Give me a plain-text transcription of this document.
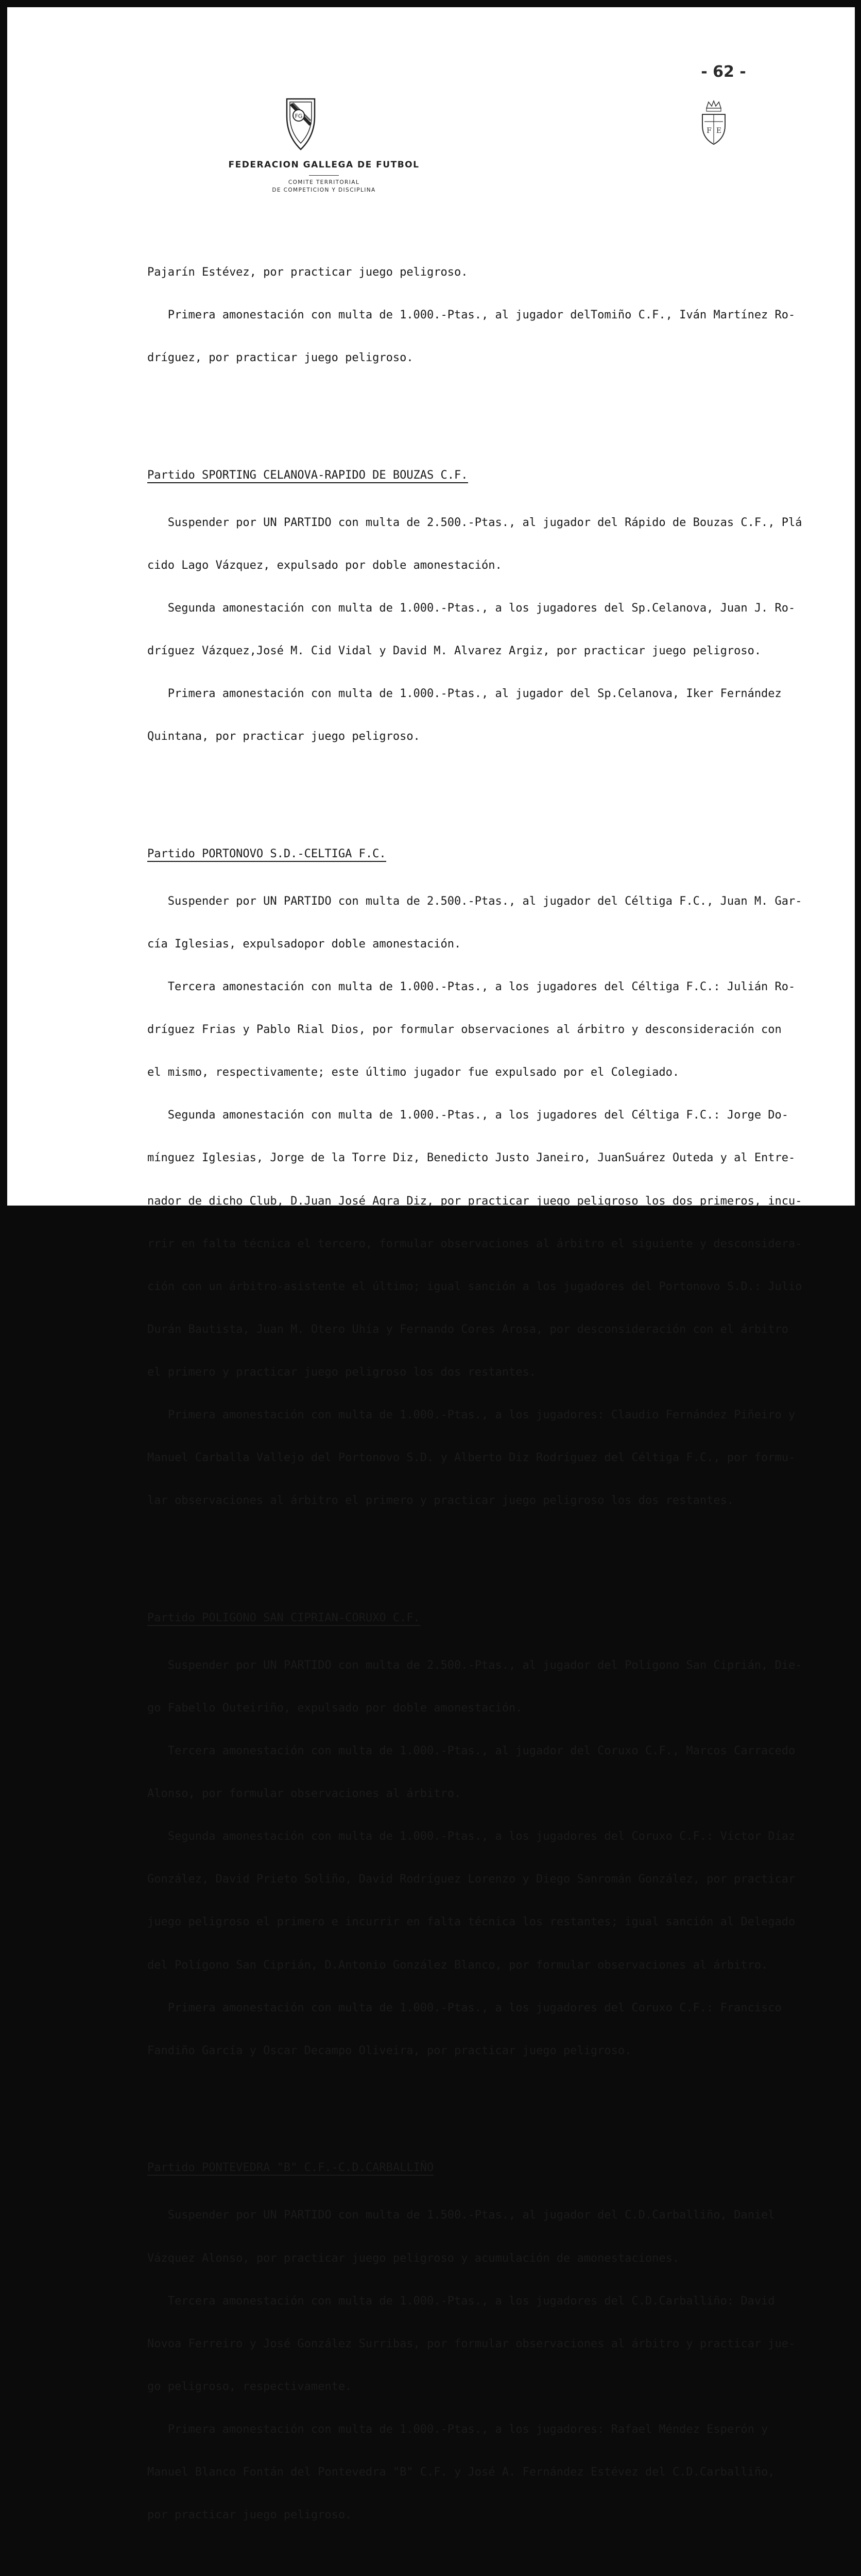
- 62 -
FG
F E
FEDERACION GALLEGA DE FUTBOL
COMITE TERRITORIAL
DE COMPETICION Y DISCIPLINA

Pajarín Estévez, por practicar juego peligroso.

Primera amonestación con multa de 1.000.-Ptas., al jugador delTomiño C.F., Iván Martínez Ro-

dríguez, por practicar juego peligroso.

Partido SPORTING CELANOVA-RAPIDO DE BOUZAS C.F.

Suspender por UN PARTIDO con multa de 2.500.-Ptas., al jugador del Rápido de Bouzas C.F., Plá

cido Lago Vázquez, expulsado por doble amonestación.

Segunda amonestación con multa de 1.000.-Ptas., a los jugadores del Sp.Celanova, Juan J. Ro-

dríguez Vázquez,José M. Cid Vidal y David M. Alvarez Argiz, por practicar juego peligroso.

Primera amonestación con multa de 1.000.-Ptas., al jugador del Sp.Celanova, Iker Fernández

Quintana, por practicar juego peligroso.

Partido PORTONOVO S.D.-CELTIGA F.C.

Suspender por UN PARTIDO con multa de 2.500.-Ptas., al jugador del Céltiga F.C., Juan M. Gar-

cía Iglesias, expulsadopor doble amonestación.

Tercera amonestación con multa de 1.000.-Ptas., a los jugadores del Céltiga F.C.: Julián Ro-

dríguez Frias y Pablo Rial Dios, por formular observaciones al árbitro y desconsideración con

el mismo, respectivamente; este último jugador fue expulsado por el Colegiado.

Segunda amonestación con multa de 1.000.-Ptas., a los jugadores del Céltiga F.C.: Jorge Do-

mínguez Iglesias, Jorge de la Torre Diz, Benedicto Justo Janeiro, JuanSuárez Outeda y al Entre-

nador de dicho Club, D.Juan José Agra Diz, por practicar juego peligroso los dos primeros, incu-

rrir en falta técnica el tercero, formular observaciones al árbitro el siguiente y desconsidera-

ción con un árbitro-asistente el último; igual sanción a los jugadores del Portonovo S.D.: Julio

Durán Bautista, Juan M. Otero Uhía y Fernando Cores Arosa, por desconsideración con el árbitro

el primero y practicar juego peligroso los dos restantes.

Primera amonestación con multa de 1.000.-Ptas., a los jugadores: Claudio Fernández Piñeiro y

Manuel Carballa Vallejo del Portonovo S.D. y Alberto Diz Rodríguez del Céltiga F.C., por formu-

lar observaciones al árbitro el primero y practicar juego peligroso los dos restantes.

Partido POLIGONO SAN CIPRIAN-CORUXO C.F.

Suspender por UN PARTIDO con multa de 2.500.-Ptas., al jugador del Polígono San Ciprián, Die-

go Fabello Outeiriño, expulsado por doble amonestación.

Tercera amonestación con multa de 1.000.-Ptas., al jugador del Coruxo C.F., Marcos Carracedo

Alonso, por formular observaciones al árbitro.

Segunda amonestación con multa de 1.000.-Ptas., a los jugadores del Coruxo C.F.: Víctor Díaz

González, David Prieto Soliño, David Rodríguez Lorenzo y Diego Sanromán González, por practicar

juego peligroso el primero e incurrir en falta técnica los restantes; igual sanción al Delegado

del Polígono San Ciprián, D.Antonio González Blanco, por formular observaciones al árbitro.

Primera amonestación con multa de 1.000.-Ptas., a los jugadores del Coruxo C.F.: Francisco

Fandiño García y Oscar Decampo Oliveira, por practicar juego peligroso.

Partido PONTEVEDRA "B" C.F.-C.D.CARBALLIÑO

Suspender por UN PARTIDO con multa de 1.500.-Ptas., al jugador del C.D.Carballiño, Daniel

Vázquez Alonso, por practicar juego peligroso y acumulación de amonestaciones.

Tercera amonestación con multa de 1.000.-Ptas., a los jugadores del C.D.Carballiño: David

Novoa Ferreiro y José González Surribas, por formular observaciones al árbitro y practicar jue-

go peligroso, respectivamente.

Primera amonestación con multa de 1.000.-Ptas., a los jugadores: Rafael Méndez Esperón y

Manuel Blanco Fontán del Pontevedra "B" C.F. y José A. Fernández Estévez del C.D.Carballiño,

por practicar juego peligroso.
